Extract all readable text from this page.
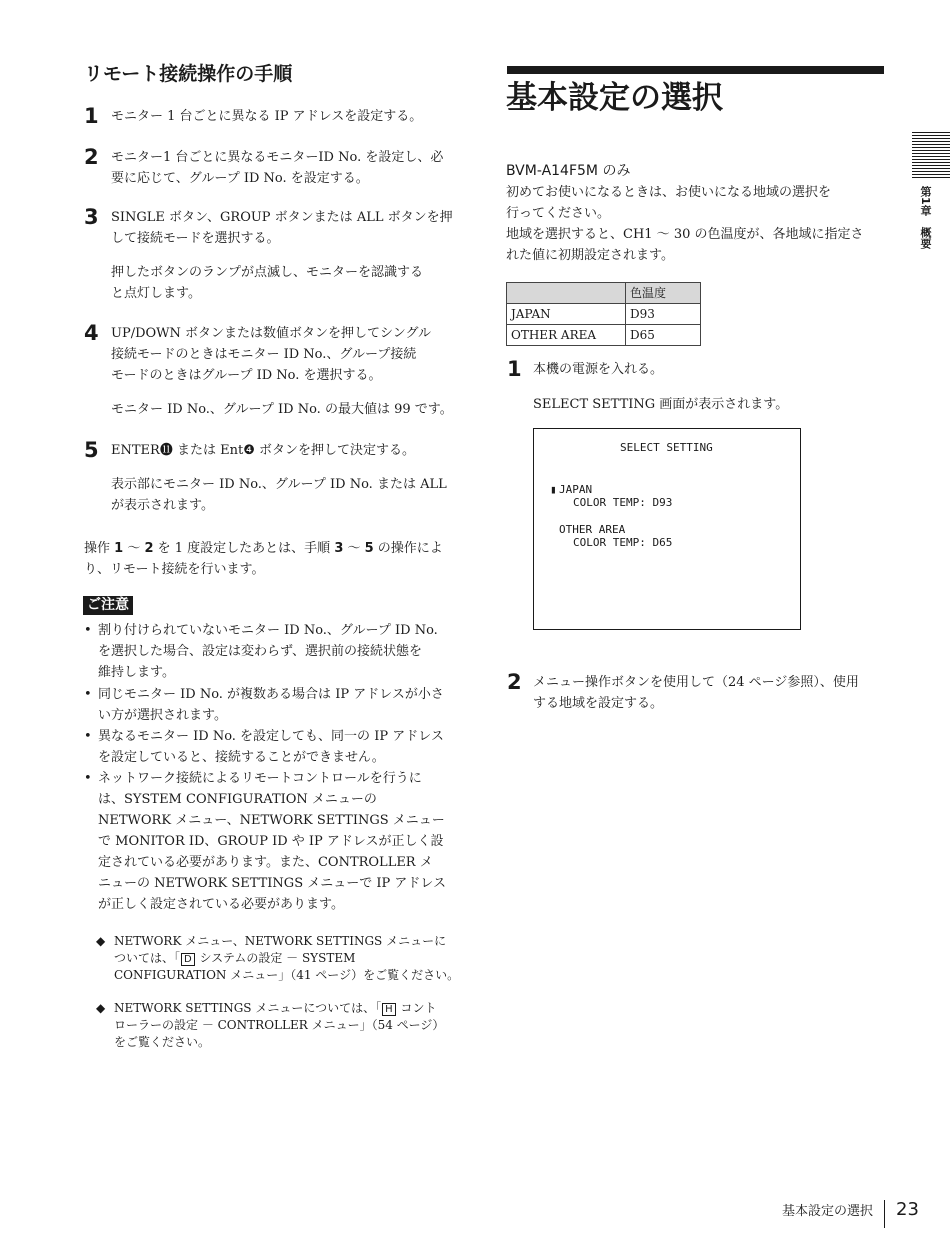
リモート接続操作の手順
1 モニター 1 台ごとに異なる IP アドレスを設定する。
2 モニター1 台ごとに異なるモニターID No. を設定し、必
要に応じて、グループ ID No. を設定する。
3 SINGLE ボタン、GROUP ボタンまたは ALL ボタンを押
して接続モードを選択する。
押したボタンのランプが点滅し、モニターを認識する
と点灯します。
4 UP/DOWN ボタンまたは数値ボタンを押してシングル
接続モードのときはモニター ID No.、グループ接続
モードのときはグループ ID No. を選択する。
モニター ID No.、グループ ID No. の最大値は 99 です。
5 ENTER⓫ または Ent❹ ボタンを押して決定する。
表示部にモニター ID No.、グループ ID No. または ALL
が表示されます。
操作 1 ～ 2 を 1 度設定したあとは、手順 3 ～ 5 の操作によ
り、リモート接続を行います。
ご注意
• 割り付けられていないモニター ID No.、グループ ID No.
を選択した場合、設定は変わらず、選択前の接続状態を
維持します。
• 同じモニター ID No. が複数ある場合は IP アドレスが小さ
い方が選択されます。
• 異なるモニター ID No. を設定しても、同一の IP アドレス
を設定していると、接続することができません。
• ネットワーク接続によるリモートコントロールを行うに
は、SYSTEM CONFIGURATION メニューの
NETWORK メニュー、NETWORK SETTINGS メニュー
で MONITOR ID、GROUP ID や IP アドレスが正しく設
定されている必要があります。また、CONTROLLER メ
ニューの NETWORK SETTINGS メニューで IP アドレス
が正しく設定されている必要があります。
◆ NETWORK メニュー、NETWORK SETTINGS メニューに
ついては、「 D システムの設定 － SYSTEM
CONFIGURATION メニュー」（41 ページ）をご覧ください。
◆ NETWORK SETTINGS メニューについては、「 H コント
ローラーの設定 － CONTROLLER メニュー」（54 ページ）
をご覧ください。
基本設定の選択
BVM-A14F5M のみ
初めてお使いになるときは、お使いになる地域の選択を
行ってください。
地域を選択すると、CH1 ～ 30 の色温度が、各地域に指定さ
れた値に初期設定されます。
	色温度
JAPAN	D93
OTHER AREA	D65
1 本機の電源を入れる。
SELECT SETTING 画面が表示されます。
SELECT SETTING
▮ JAPAN
COLOR TEMP: D93
OTHER AREA
COLOR TEMP: D65
2 メニュー操作ボタンを使用して（24 ページ参照）、使用
する地域を設定する。
第1章　概要
基本設定の選択 23
